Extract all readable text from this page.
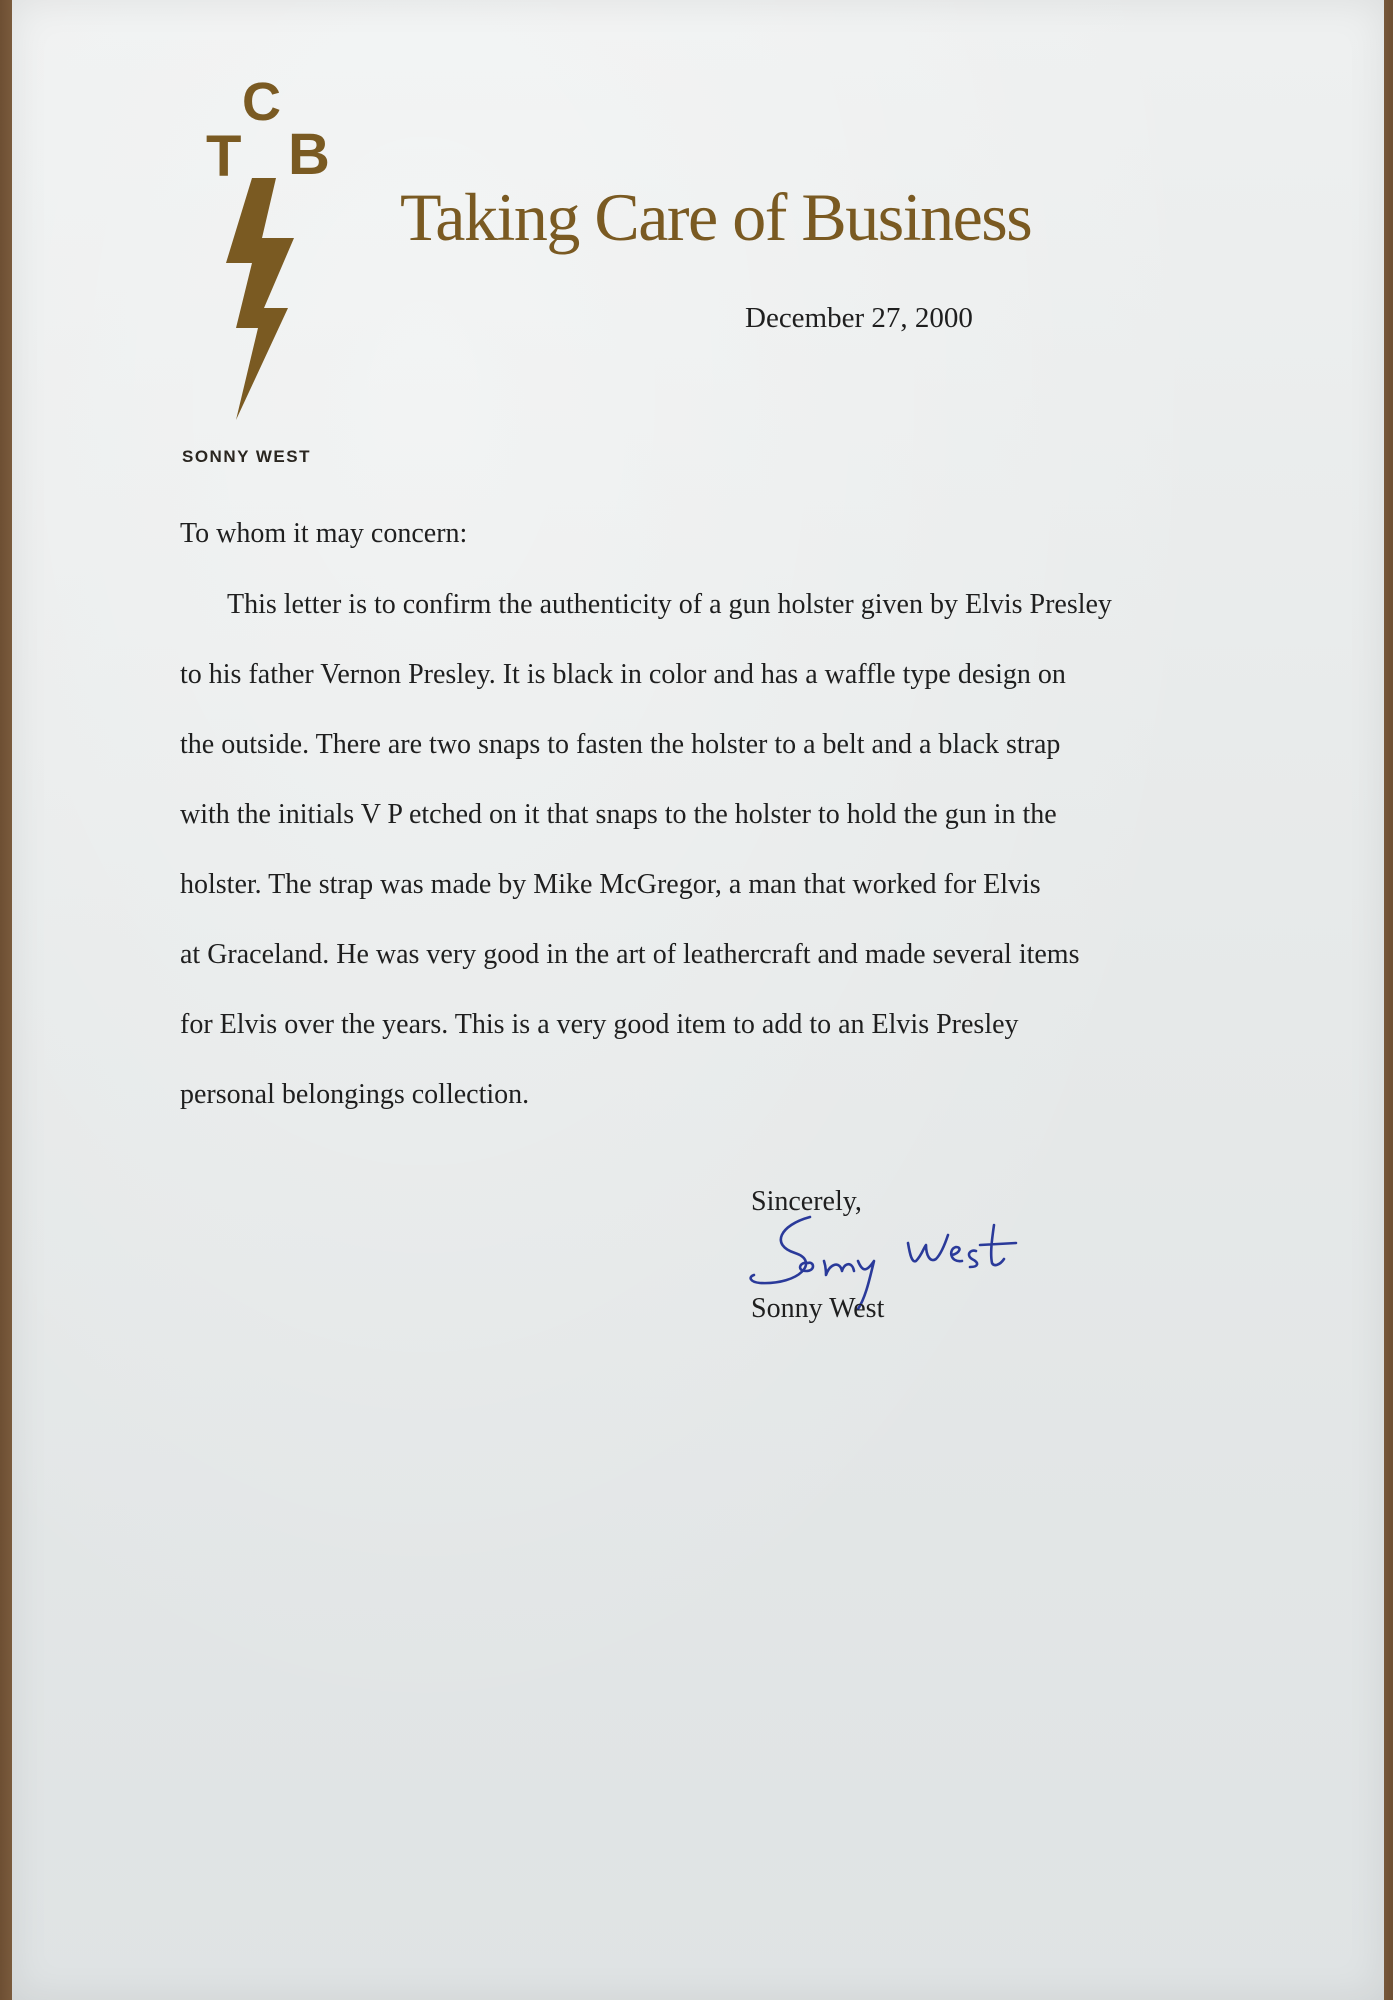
C
T B
SONNY WEST
Taking Care of Business
December 27, 2000
To whom it may concern:
This letter is to confirm the authenticity of a gun holster given by Elvis Presley
to his father Vernon Presley. It is black in color and has a waffle type design on
the outside. There are two snaps to fasten the holster to a belt and a black strap
with the initials V P etched on it that snaps to the holster to hold the gun in the
holster. The strap was made by Mike McGregor, a man that worked for Elvis
at Graceland. He was very good in the art of leathercraft and made several items
for Elvis over the years. This is a very good item to add to an Elvis Presley
personal belongings collection.
Sincerely,
Sonny West
